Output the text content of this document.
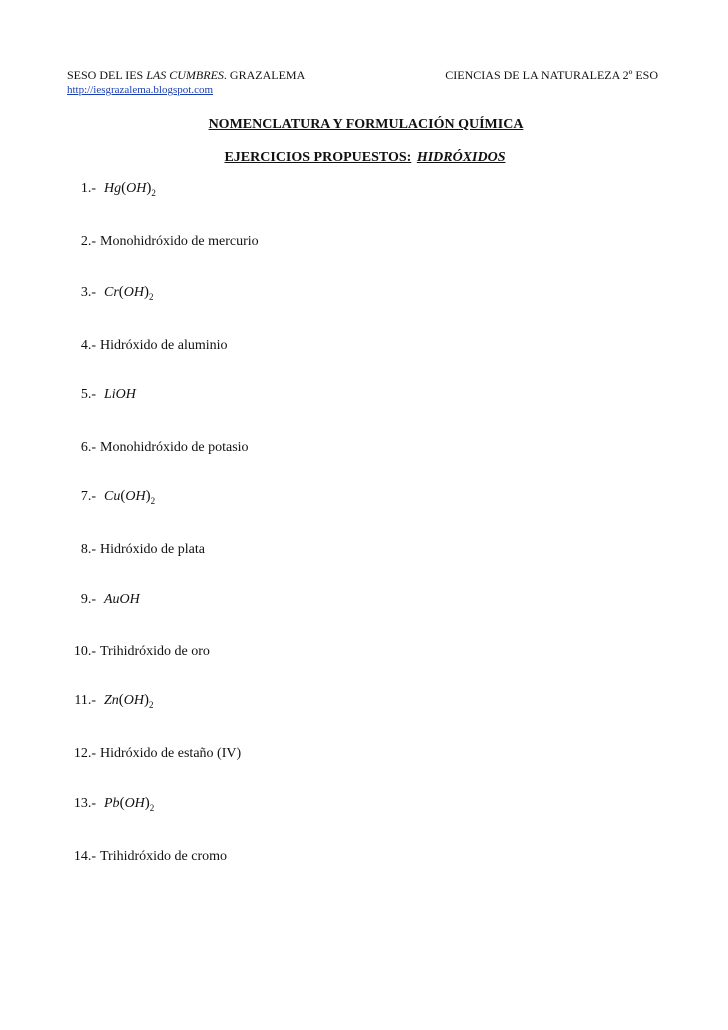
SESO DEL IES LAS CUMBRES. GRAZALEMA	CIENCIAS DE LA NATURALEZA 2º ESO
http://iesgrazalema.blogspot.com
NOMENCLATURA Y FORMULACIÓN QUÍMICA
EJERCICIOS PROPUESTOS: HIDRÓXIDOS
1.- $Hg(OH)_2$
2.- Monohidróxido de mercurio
3.- $Cr(OH)_2$
4.- Hidróxido de aluminio
5.- LiOH
6.- Monohidróxido de potasio
7.- $Cu(OH)_2$
8.- Hidróxido de plata
9.- AuOH
10.- Trihidróxido de oro
11.- $Zn(OH)_2$
12.- Hidróxido de estaño (IV)
13.- $Pb(OH)_2$
14.- Trihidróxido de cromo
